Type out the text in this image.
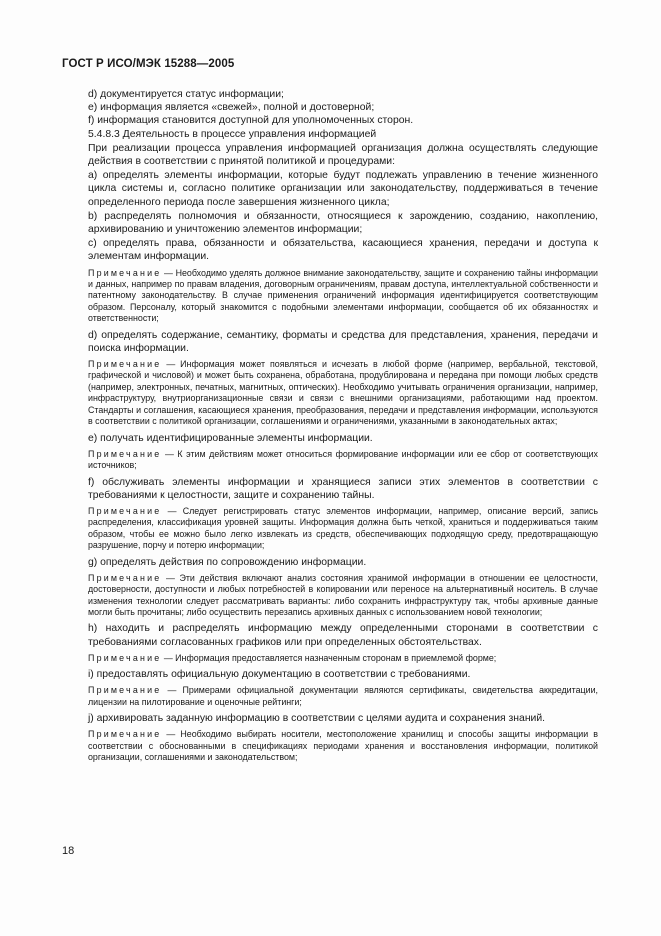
ГОСТ Р ИСО/МЭК 15288—2005
d) документируется статус информации;
e) информация является «свежей», полной и достоверной;
f) информация становится доступной для уполномоченных сторон.
5.4.8.3 Деятельность в процессе управления информацией
При реализации процесса управления информацией организация должна осуществлять следующие действия в соответствии с принятой политикой и процедурами:
a) определять элементы информации, которые будут подлежать управлению в течение жизненного цикла системы и, согласно политике организации или законодательству, поддерживаться в течение определенного периода после завершения жизненного цикла;
b) распределять полномочия и обязанности, относящиеся к зарождению, созданию, накоплению, архивированию и уничтожению элементов информации;
c) определять права, обязанности и обязательства, касающиеся хранения, передачи и доступа к элементам информации.
Примечание — Необходимо уделять должное внимание законодательству, защите и сохранению тайны информации и данных, например по правам владения, договорным ограничениям, правам доступа, интеллектуальной собственности и патентному законодательству. В случае применения ограничений информация идентифицируется соответствующим образом. Персоналу, который знакомится с подобными элементами информации, сообщается об их обязанностях и ответственности;
d) определять содержание, семантику, форматы и средства для представления, хранения, передачи и поиска информации.
Примечание — Информация может появляться и исчезать в любой форме (например, вербальной, текстовой, графической и числовой) и может быть сохранена, обработана, продублирована и передана при помощи любых средств (например, электронных, печатных, магнитных, оптических). Необходимо учитывать ограничения организации, например, инфраструктуру, внутриорганизационные связи и связи с внешними организациями, работающими над проектом. Стандарты и соглашения, касающиеся хранения, преобразования, передачи и представления информации, используются в соответствии с политикой организации, соглашениями и ограничениями, указанными в законодательных актах;
e) получать идентифицированные элементы информации.
Примечание — К этим действиям может относиться формирование информации или ее сбор от соответствующих источников;
f) обслуживать элементы информации и хранящиеся записи этих элементов в соответствии с требованиями к целостности, защите и сохранению тайны.
Примечание — Следует регистрировать статус элементов информации, например, описание версий, запись распределения, классификация уровней защиты. Информация должна быть четкой, храниться и поддерживаться таким образом, чтобы ее можно было легко извлекать из средств, обеспечивающих подходящую среду, предотвращающую разрушение, порчу и потерю информации;
g) определять действия по сопровождению информации.
Примечание — Эти действия включают анализ состояния хранимой информации в отношении ее целостности, достоверности, доступности и любых потребностей в копировании или переносе на альтернативный носитель. В случае изменения технологии следует рассматривать варианты: либо сохранить инфраструктуру так, чтобы архивные данные могли быть прочитаны; либо осуществить перезапись архивных данных с использованием новой технологии;
h) находить и распределять информацию между определенными сторонами в соответствии с требованиями согласованных графиков или при определенных обстоятельствах.
Примечание — Информация предоставляется назначенным сторонам в приемлемой форме;
i) предоставлять официальную документацию в соответствии с требованиями.
Примечание — Примерами официальной документации являются сертификаты, свидетельства аккредитации, лицензии на пилотирование и оценочные рейтинги;
j) архивировать заданную информацию в соответствии с целями аудита и сохранения знаний.
Примечание — Необходимо выбирать носители, местоположение хранилищ и способы защиты информации в соответствии с обоснованными в спецификациях периодами хранения и восстановления информации, политикой организации, соглашениями и законодательством;
18
